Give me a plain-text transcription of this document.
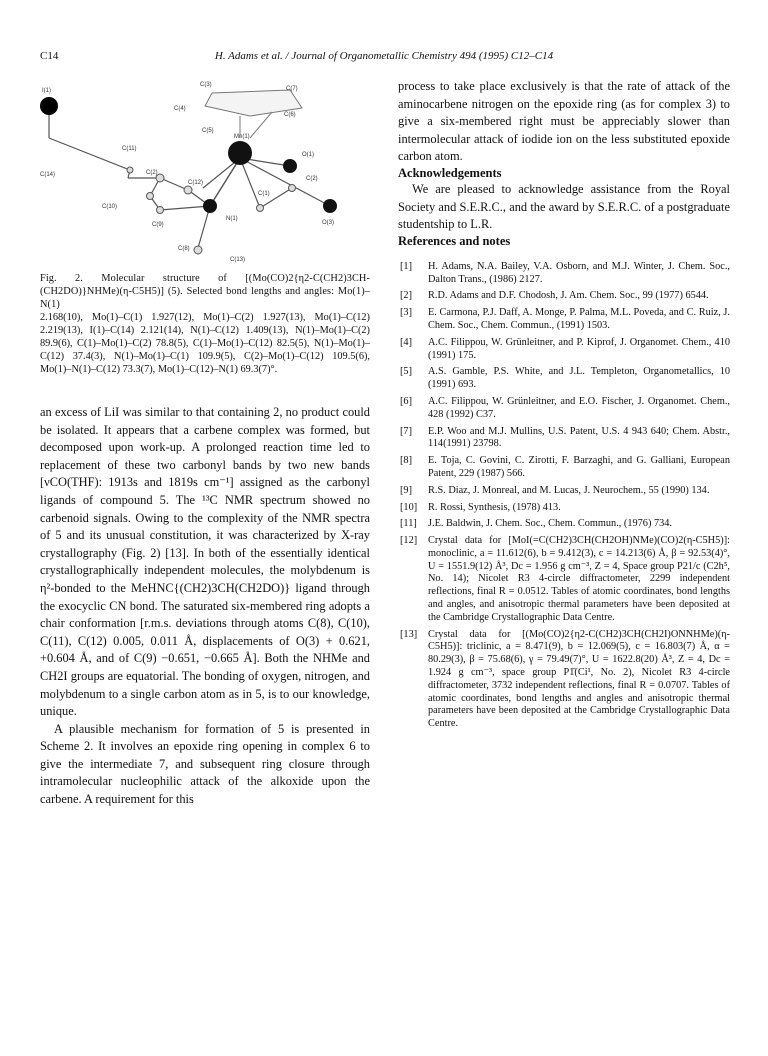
C14	H. Adams et al. / Journal of Organometallic Chemistry 494 (1995) C12–C14
I(1)
C(3)
C(7)
C(4)
C(6)
C(5)
Mn(1)
C(11)
O(1)
C(14)	C(2)
C(12)
C(1)
C(2)
C(10)
C(9)
N(1)
O(3)
C(8)
C(13)
Fig. 2. Molecular structure of [(Mo(CO)2{η2-C(CH2)3CH-(CH2DO)}NHMe)(η-C5H5)] (5). Selected bond lengths and angles: Mo(1)–N(1)
2.168(10), Mo(1)–C(1) 1.927(12), Mo(1)–C(2) 1.927(13), Mo(1)–C(12) 2.219(13), I(1)–C(14) 2.121(14), N(1)–C(12) 1.409(13), N(1)–Mo(1)–C(2) 89.9(6), C(1)–Mo(1)–C(2) 78.8(5), C(1)–Mo(1)–C(12) 82.5(5), N(1)–Mo(1)–C(12) 37.4(3), N(1)–Mo(1)–C(1) 109.9(5), C(2)–Mo(1)–C(12) 109.5(6), Mo(1)–N(1)–C(12) 73.3(7), Mo(1)–C(12)–N(1) 69.3(7)°.

an excess of LiI was similar to that containing 2, no product could be isolated. It appears that a carbene complex was formed, but decomposed upon work-up. A prolonged reaction time led to replacement of these two carbonyl bands by two new bands [νCO(THF): 1913s and 1819s cm⁻¹] assigned as the carbonyl ligands of compound 5. The ¹³C NMR spectrum showed no carbenoid signals. Owing to the complexity of the NMR spectra of 5 and its unusual constitution, it was characterized by X-ray crystallography (Fig. 2) [13]. In both of the essentially identical crystallographically independent molecules, the molybdenum is η²-bonded to the MeHNC{(CH2)3CH(CH2DO)} ligand through the exocyclic CN bond. The saturated six-membered ring adopts a chair conformation [r.m.s. deviations through atoms C(8), C(10), C(11), C(12) 0.005, 0.011 Å, displacements of O(3) + 0.621, +0.604 Å, and of C(9) −0.651, −0.665 Å]. Both the NHMe and CH2I groups are equatorial. The bonding of oxygen, nitrogen, and molybdenum to a single carbon atom as in 5, is to our knowledge, unique.

A plausible mechanism for formation of 5 is presented in Scheme 2. It involves an epoxide ring opening in complex 6 to give the intermediate 7, and subsequent ring closure through intramolecular nucleophilic attack of the alkoxide upon the carbene. A requirement for this

process to take place exclusively is that the rate of attack of the aminocarbene nitrogen on the epoxide ring (as for complex 3) to give a six-membered right must be appreciably slower than intermolecular attack of iodide ion on the less substituted epoxide carbon atom.

Acknowledgements

We are pleased to acknowledge assistance from the Royal Society and S.E.R.C., and the award by S.E.R.C. of a postgraduate studentship to L.R.

References and notes
[1] H. Adams, N.A. Bailey, V.A. Osborn, and M.J. Winter, J. Chem. Soc., Dalton Trans., (1986) 2127.
[2] R.D. Adams and D.F. Chodosh, J. Am. Chem. Soc., 99 (1977) 6544.
[3] E. Carmona, P.J. Daff, A. Monge, P. Palma, M.L. Poveda, and C. Ruiz, J. Chem. Soc., Chem. Commun., (1991) 1503.
[4] A.C. Filippou, W. Grünleitner, and P. Kiprof, J. Organomet. Chem., 410 (1991) 175.
[5] A.S. Gamble, P.S. White, and J.L. Templeton, Organometallics, 10 (1991) 693.
[6] A.C. Filippou, W. Grünleitner, and E.O. Fischer, J. Organomet. Chem., 428 (1992) C37.
[7] E.P. Woo and M.J. Mullins, U.S. Patent, U.S. 4 943 640; Chem. Abstr., 114(1991) 23798.
[8] E. Toja, C. Govini, C. Zirotti, F. Barzaghi, and G. Galliani, European Patent, 229 (1987) 566.
[9] R.S. Diaz, J. Monreal, and M. Lucas, J. Neurochem., 55 (1990) 134.
[10] R. Rossi, Synthesis, (1978) 413.
[11] J.E. Baldwin, J. Chem. Soc., Chem. Commun., (1976) 734.
[12] Crystal data for [MoI(=C(CH2)3CH(CH2OH)NMe)(CO)2(η-C5H5)]: monoclinic, a = 11.612(6), b = 9.412(3), c = 14.213(6) Å, β = 92.53(4)°, U = 1551.9(12) Å³, Dc = 1.956 g cm⁻³, Z = 4, Space group P21/c (C2h⁵, No. 14); Nicolet R3 4-circle diffractometer, 2299 independent reflections, final R = 0.0512. Tables of atomic coordinates, bond lengths and angles, and anisotropic thermal parameters have been deposited at the Cambridge Crystallographic Data Centre.
[13] Crystal data for [(Mo(CO)2{η2-C(CH2)3CH(CH2I)ONNHMe)(η-C5H5)]: triclinic, a = 8.471(9), b = 12.069(5), c = 16.803(7) Å, α = 80.29(3), β = 75.68(6), γ = 79.49(7)°, U = 1622.8(20) Å³, Z = 4, Dc = 1.924 g cm⁻³, space group P1̄(Ci¹, No. 2), Nicolet R3 4-circle diffractometer, 3732 independent reflections, final R = 0.0707. Tables of atomic coordinates, bond lengths and angles and anisotropic thermal parameters have been deposited at the Cambridge Crystallographic Data Centre.
